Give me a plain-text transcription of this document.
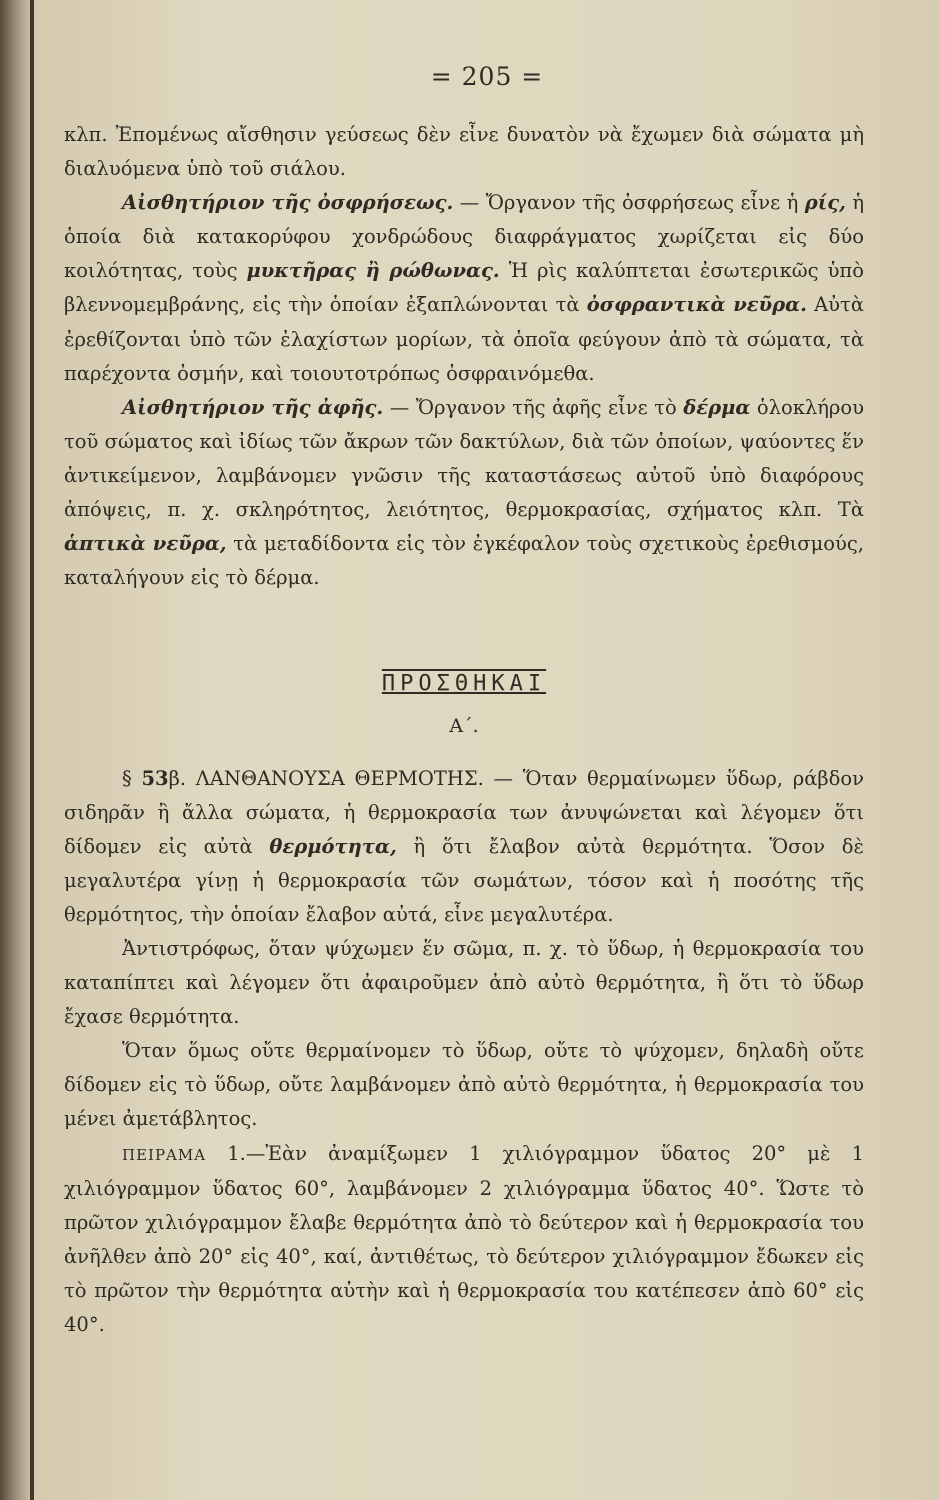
= 205 =

κλπ. Ἐπομένως αἴσθησιν γεύσεως δὲν εἶνε δυνατὸν νὰ ἔχωμεν διὰ σώματα μὴ διαλυόμενα ὑπὸ τοῦ σιάλου.

Αἰσθητήριον τῆς ὀσφρήσεως. — Ὄργανον τῆς ὀσφρήσεως εἶνε ἡ ρίς, ἡ ὁποία διὰ κατακορύφου χονδρώδους διαφράγματος χωρίζεται εἰς δύο κοιλότητας, τοὺς μυκτῆρας ἢ ρώθωνας. Ἡ ρὶς καλύπτεται ἐσωτερικῶς ὑπὸ βλεννομεμβράνης, εἰς τὴν ὁποίαν ἐξαπλώνονται τὰ ὀσφραντικὰ νεῦρα. Αὐτὰ ἐρεθίζονται ὑπὸ τῶν ἐλαχίστων μορίων, τὰ ὁποῖα φεύγουν ἀπὸ τὰ σώματα, τὰ παρέχοντα ὀσμήν, καὶ τοιουτοτρόπως ὀσφραινόμεθα.

Αἰσθητήριον τῆς ἀφῆς. — Ὄργανον τῆς ἀφῆς εἶνε τὸ δέρμα ὁλοκλήρου τοῦ σώματος καὶ ἰδίως τῶν ἄκρων τῶν δακτύλων, διὰ τῶν ὁποίων, ψαύοντες ἕν ἀντικείμενον, λαμβάνομεν γνῶσιν τῆς καταστάσεως αὐτοῦ ὑπὸ διαφόρους ἀπόψεις, π. χ. σκληρότητος, λειότητος, θερμοκρασίας, σχήματος κλπ. Τὰ ἁπτικὰ νεῦρα, τὰ μεταδίδοντα εἰς τὸν ἐγκέφαλον τοὺς σχετικοὺς ἐρεθισμούς, καταλήγουν εἰς τὸ δέρμα.

ΠΡΟΣΘΗΚΑΙ
Α΄.

§ 53β. ΛΑΝΘΑΝΟΥΣΑ ΘΕΡΜΟΤΗΣ. — Ὅταν θερμαίνωμεν ὕδωρ, ράβδον σιδηρᾶν ἢ ἄλλα σώματα, ἡ θερμοκρασία των ἀνυψώνεται καὶ λέγομεν ὅτι δίδομεν εἰς αὐτὰ θερμότητα, ἢ ὅτι ἔλαβον αὐτὰ θερμότητα. Ὅσον δὲ μεγαλυτέρα γίνῃ ἡ θερμοκρασία τῶν σωμάτων, τόσον καὶ ἡ ποσότης τῆς θερμότητος, τὴν ὁποίαν ἔλαβον αὐτά, εἶνε μεγαλυτέρα.

Ἀντιστρόφως, ὅταν ψύχωμεν ἕν σῶμα, π. χ. τὸ ὕδωρ, ἡ θερμοκρασία του καταπίπτει καὶ λέγομεν ὅτι ἀφαιροῦμεν ἀπὸ αὐτὸ θερμότητα, ἢ ὅτι τὸ ὕδωρ ἔχασε θερμότητα.

Ὅταν ὅμως οὔτε θερμαίνομεν τὸ ὕδωρ, οὔτε τὸ ψύχομεν, δηλαδὴ οὔτε δίδομεν εἰς τὸ ὕδωρ, οὔτε λαμβάνομεν ἀπὸ αὐτὸ θερμότητα, ἡ θερμοκρασία του μένει ἀμετάβλητος.

ΠΕΙΡΑΜΑ 1.—Ἐὰν ἀναμίξωμεν 1 χιλιόγραμμον ὕδατος 20° μὲ 1 χιλιόγραμμον ὕδατος 60°, λαμβάνομεν 2 χιλιόγραμμα ὕδατος 40°. Ὥστε τὸ πρῶτον χιλιόγραμμον ἔλαβε θερμότητα ἀπὸ τὸ δεύτερον καὶ ἡ θερμοκρασία του ἀνῆλθεν ἀπὸ 20° εἰς 40°, καί, ἀντιθέτως, τὸ δεύτερον χιλιόγραμμον ἔδωκεν εἰς τὸ πρῶτον τὴν θερμότητα αὐτὴν καὶ ἡ θερμοκρασία του κατέπεσεν ἀπὸ 60° εἰς 40°.
